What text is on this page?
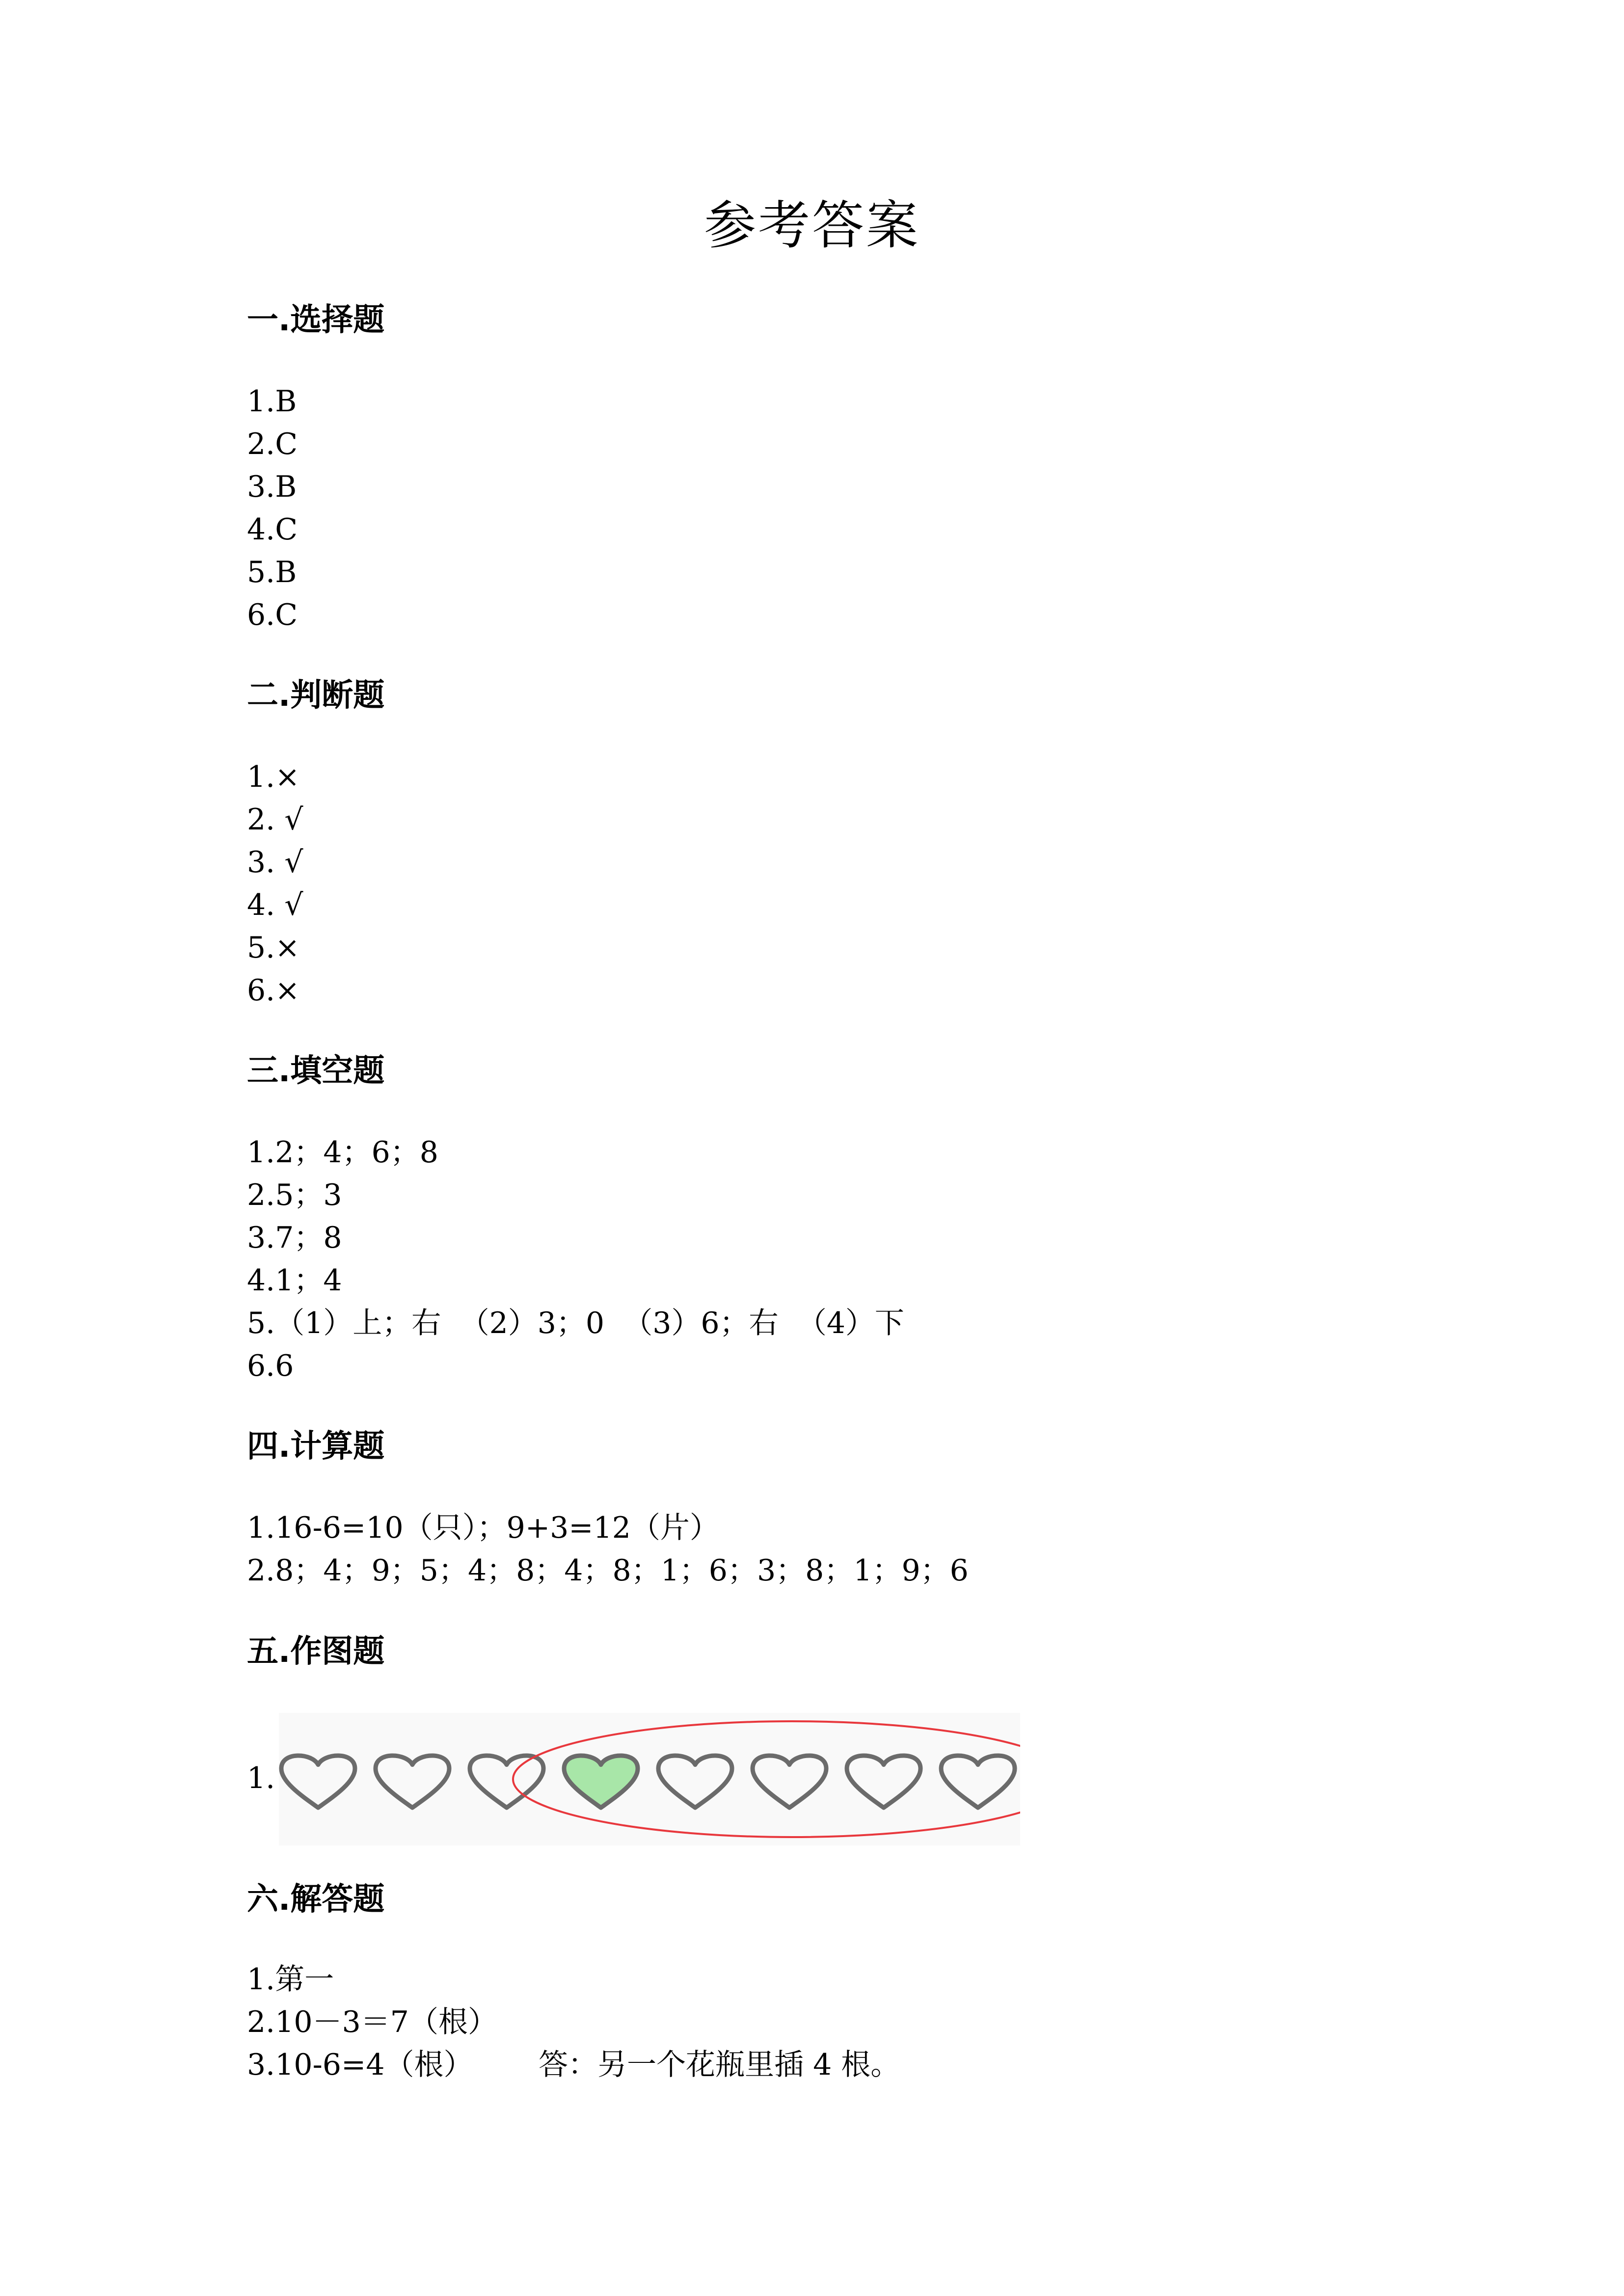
参考答案
一.选择题
1.B
2.C
3.B
4.C
5.B
6.C
二.判断题
1.×
2. √
3. √
4. √
5.×
6.×
三.填空题
1.2；4；6；8
2.5；3
3.7；8
4.1；4
5.（1）上；右  （2）3；0  （3）6；右  （4）下
6.6
四.计算题
1.16-6=10（只）；9+3=12（片）
2.8；4；9；5；4；8；4；8；1；6；3；8；1；9；6
五.作图题
1.
六.解答题
1.第一
2.10－3＝7（根）
3.10-6=4（根）       答：另一个花瓶里插 4 根。
